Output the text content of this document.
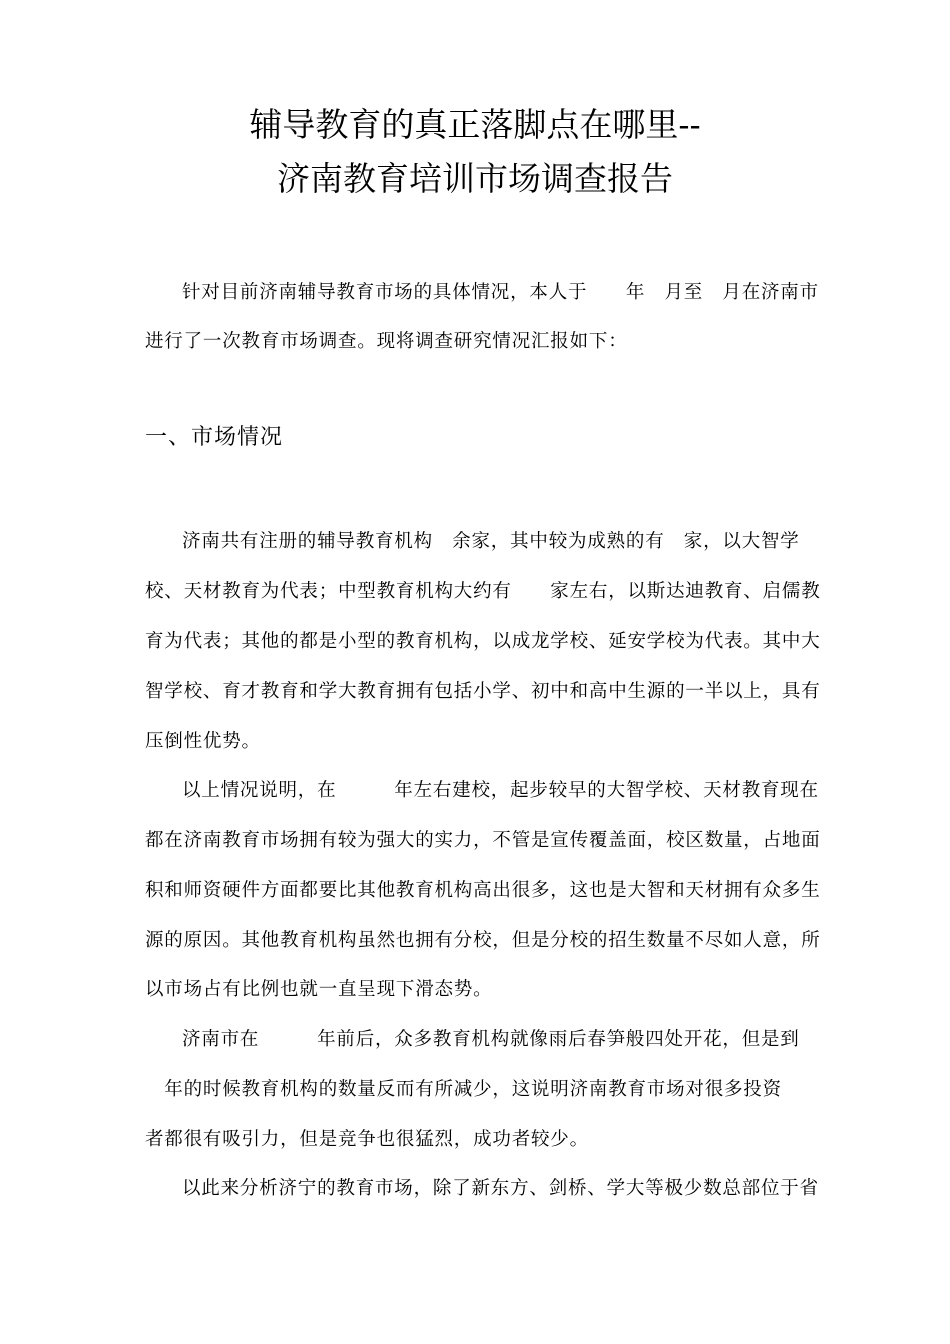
辅导教育的真正落脚点在哪里--
济南教育培训市场调查报告
针对目前济南辅导教育市场的具体情况，本人于　　年　月至　月在济南市
进行了一次教育市场调查。现将调查研究情况汇报如下：
一、市场情况
济南共有注册的辅导教育机构　余家，其中较为成熟的有　家，以大智学
校、天材教育为代表；中型教育机构大约有　　家左右，以斯达迪教育、启儒教
育为代表；其他的都是小型的教育机构，以成龙学校、延安学校为代表。其中大
智学校、育才教育和学大教育拥有包括小学、初中和高中生源的一半以上，具有
压倒性优势。
以上情况说明，在　　　年左右建校，起步较早的大智学校、天材教育现在
都在济南教育市场拥有较为强大的实力，不管是宣传覆盖面，校区数量，占地面
积和师资硬件方面都要比其他教育机构高出很多，这也是大智和天材拥有众多生
源的原因。其他教育机构虽然也拥有分校，但是分校的招生数量不尽如人意，所
以市场占有比例也就一直呈现下滑态势。
济南市在　　　年前后，众多教育机构就像雨后春笋般四处开花，但是到
　年的时候教育机构的数量反而有所减少，这说明济南教育市场对很多投资
者都很有吸引力，但是竞争也很猛烈，成功者较少。
以此来分析济宁的教育市场，除了新东方、剑桥、学大等极少数总部位于省
